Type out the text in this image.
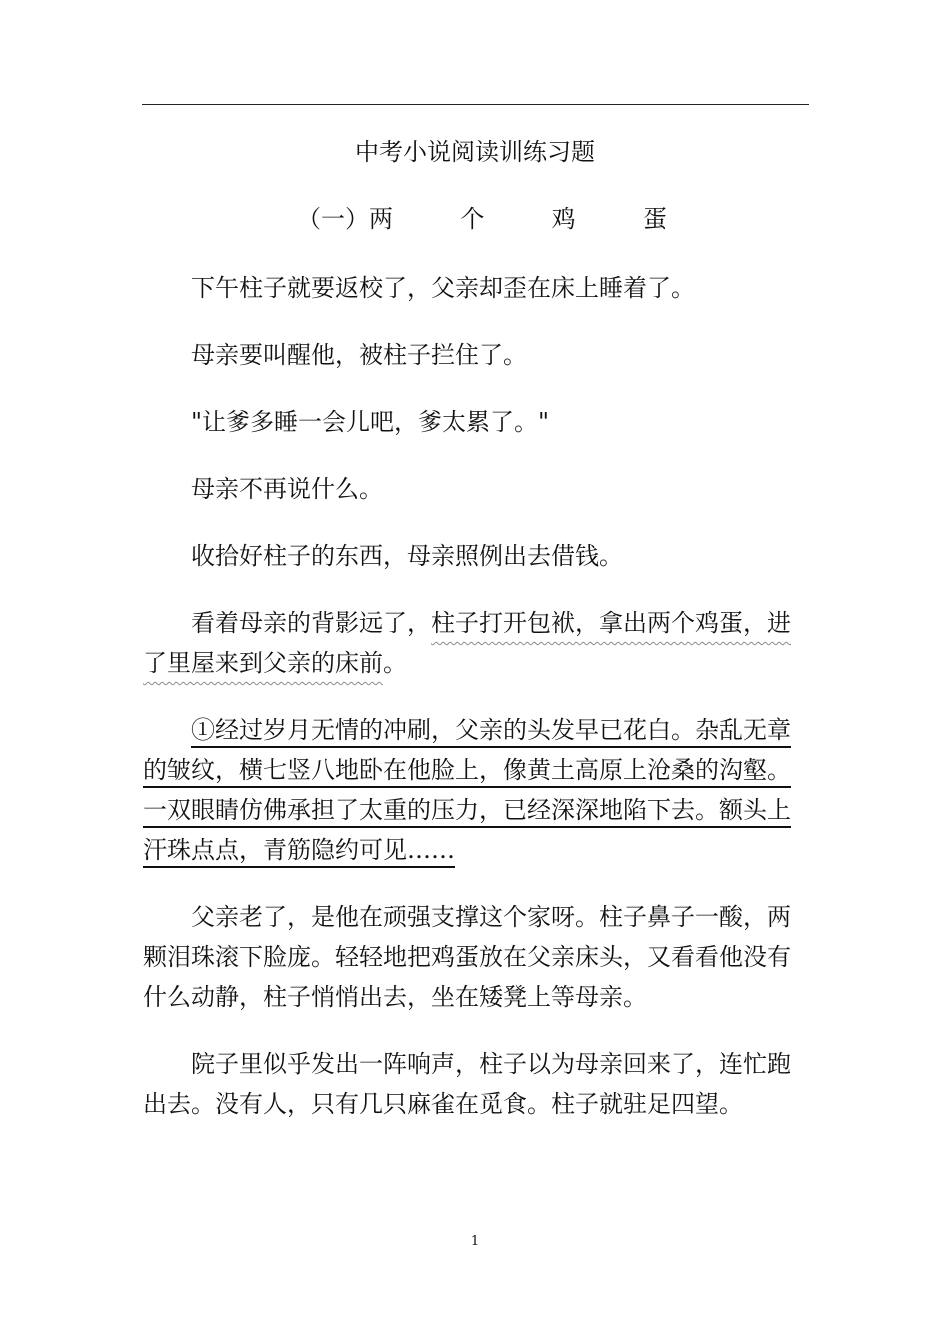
中考小说阅读训练习题
（一）两	个	鸡	蛋

下午柱子就要返校了，父亲却歪在床上睡着了。

母亲要叫醒他，被柱子拦住了。

"让爹多睡一会儿吧，爹太累了。"

母亲不再说什么。

收拾好柱子的东西，母亲照例出去借钱。

看着母亲的背影远了，柱子打开包袱，拿出两个鸡蛋，进了里屋来到父亲的床前。

①经过岁月无情的冲刷，父亲的头发早已花白。杂乱无章的皱纹，横七竖八地卧在他脸上，像黄土高原上沧桑的沟壑。一双眼睛仿佛承担了太重的压力，已经深深地陷下去。额头上汗珠点点，青筋隐约可见……

父亲老了，是他在顽强支撑这个家呀。柱子鼻子一酸，两颗泪珠滚下脸庞。轻轻地把鸡蛋放在父亲床头，又看看他没有什么动静，柱子悄悄出去，坐在矮凳上等母亲。

院子里似乎发出一阵响声，柱子以为母亲回来了，连忙跑出去。没有人，只有几只麻雀在觅食。柱子就驻足四望。

1
